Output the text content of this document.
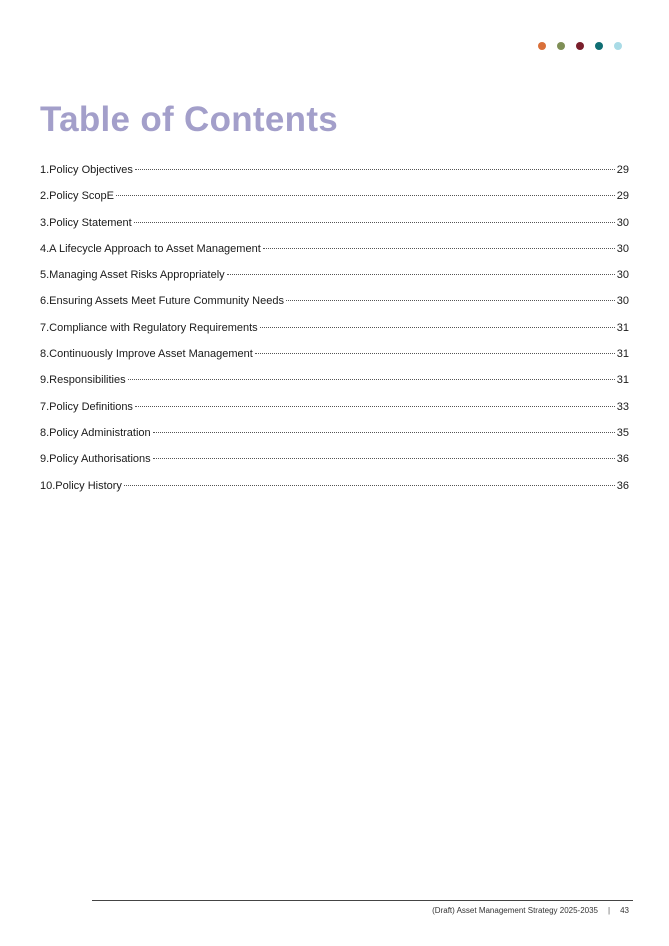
Table of Contents
1.Policy Objectives	29
2.Policy ScopE	29
3.Policy Statement	30
4.A Lifecycle Approach to Asset Management	30
5.Managing Asset Risks Appropriately	30
6.Ensuring Assets Meet Future Community Needs	30
7.Compliance with Regulatory Requirements	31
8.Continuously Improve Asset Management	31
9.Responsibilities	31
7.Policy Definitions	33
8.Policy Administration	35
9.Policy Authorisations	36
10.Policy History	36
(Draft) Asset Management Strategy 2025-2035 | 43
